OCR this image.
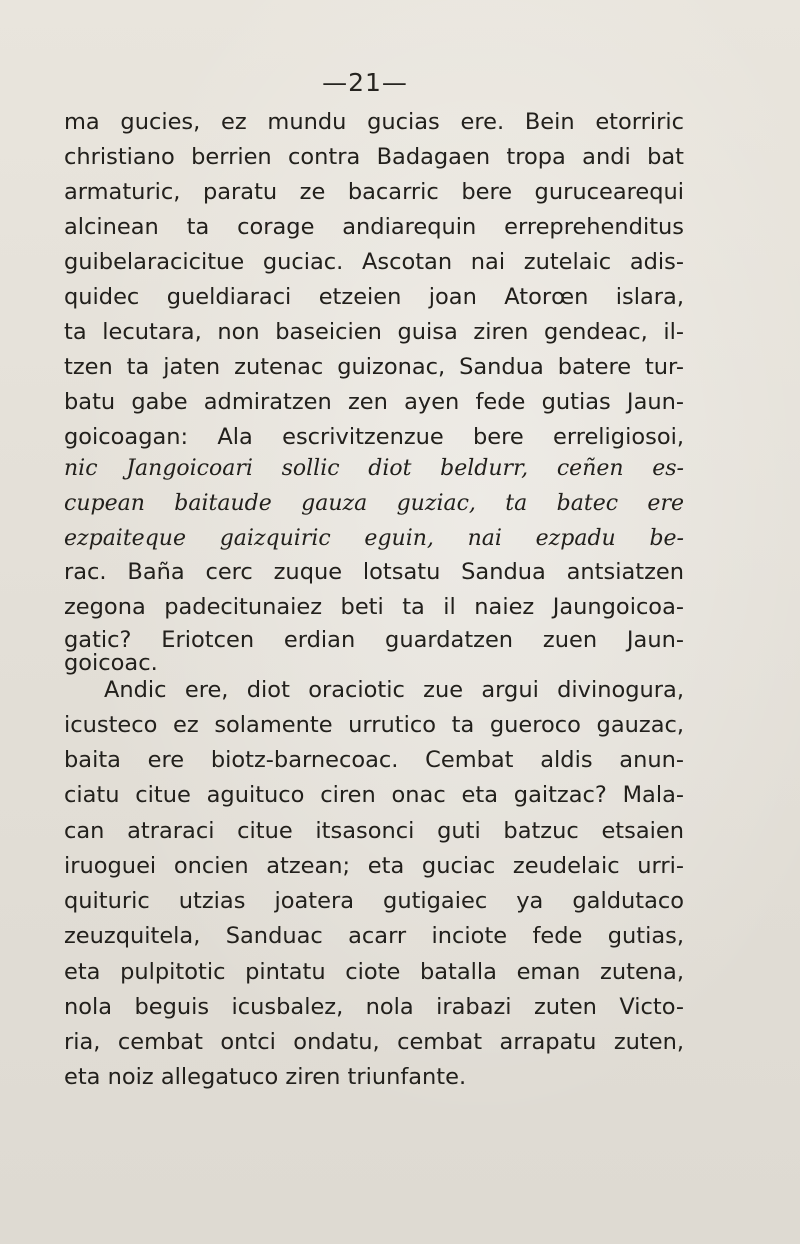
—21—
ma gucies, ez mundu gucias ere. Bein etorriric
christiano berrien contra Badagaen tropa andi bat
armaturic, paratu ze bacarric bere gurucearequi
alcinean ta corage andiarequin erreprehenditus
guibelaracicitue guciac. Ascotan nai zutelaic adis-
quidec gueldiaraci etzeien joan Atorœn islara,
ta lecutara, non baseicien guisa ziren gendeac, il-
tzen ta jaten zutenac guizonac, Sandua batere tur-
batu gabe admiratzen zen ayen fede gutias Jaun-
goicoagan: Ala escrivitzenzue bere erreligiosoi,
nic Jangoicoari sollic diot beldurr, ceñen es-
cupean baitaude gauza guziac, ta batec ere
ezpaiteque gaizquiric eguin, nai ezpadu be-
rac. Baña cerc zuque lotsatu Sandua antsiatzen
zegona padecitunaiez beti ta il naiez Jaungoicoa-
gatic? Eriotcen erdian guardatzen zuen Jaun-
goicoac.
Andic ere, diot oraciotic zue argui divinogura,
icusteco ez solamente urrutico ta gueroco gauzac,
baita ere biotz-barnecoac. Cembat aldis anun-
ciatu citue aguituco ciren onac eta gaitzac? Mala-
can atraraci citue itsasonci guti batzuc etsaien
iruoguei oncien atzean; eta guciac zeudelaic urri-
quituric utzias joatera gutigaiec ya galdutaco
zeuzquitela, Sanduac acarr inciote fede gutias,
eta pulpitotic pintatu ciote batalla eman zutena,
nola beguis icusbalez, nola irabazi zuten Victo-
ria, cembat ontci ondatu, cembat arrapatu zuten,
eta noiz allegatuco ziren triunfante.
